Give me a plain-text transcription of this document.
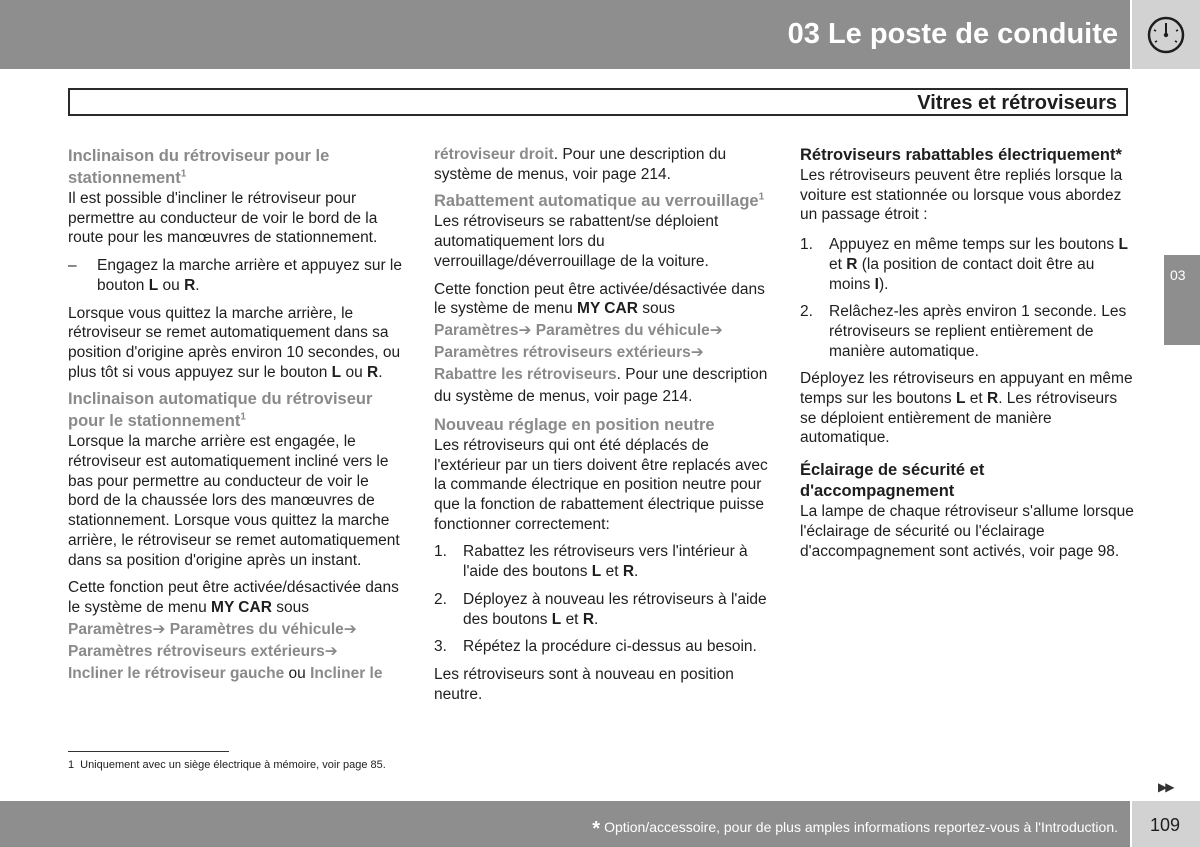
03 Le poste de conduite
Vitres et rétroviseurs
03
Inclinaison du rétroviseur pour le stationnement$^1$

Il est possible d'incliner le rétroviseur pour permettre au conducteur de voir le bord de la route pour les manœuvres de stationnement.

– Engagez la marche arrière et appuyez sur le bouton L ou R.

Lorsque vous quittez la marche arrière, le rétroviseur se remet automatiquement dans sa position d'origine après environ 10 secondes, ou plus tôt si vous appuyez sur le bouton L ou R.

Inclinaison automatique du rétroviseur pour le stationnement$^1$

Lorsque la marche arrière est engagée, le rétroviseur est automatiquement incliné vers le bas pour permettre au conducteur de voir le bord de la chaussée lors des manœuvres de stationnement. Lorsque vous quittez la marche arrière, le rétroviseur se remet automatiquement dans sa position d'origine après un instant.

Cette fonction peut être activée/désactivée dans le système de menu MY CAR sous

Paramètres➔ Paramètres du véhicule➔
Paramètres rétroviseurs extérieurs➔
Incliner le rétroviseur gauche ou Incliner le

rétroviseur droit. Pour une description du système de menus, voir page 214.

Rabattement automatique au verrouillage$^1$

Les rétroviseurs se rabattent/se déploient automatiquement lors du verrouillage/déverrouillage de la voiture.

Cette fonction peut être activée/désactivée dans le système de menu MY CAR sous

Paramètres➔ Paramètres du véhicule➔
Paramètres rétroviseurs extérieurs➔
Rabattre les rétroviseurs. Pour une description du système de menus, voir page 214.
Nouveau réglage en position neutre

Les rétroviseurs qui ont été déplacés de l'extérieur par un tiers doivent être replacés avec la commande électrique en position neutre pour que la fonction de rabattement électrique puisse fonctionner correctement:

1. Rabattez les rétroviseurs vers l'intérieur à l'aide des boutons L et R.
2. Déployez à nouveau les rétroviseurs à l'aide des boutons L et R.
3. Répétez la procédure ci-dessus au besoin.

Les rétroviseurs sont à nouveau en position neutre.

Rétroviseurs rabattables électriquement*

Les rétroviseurs peuvent être repliés lorsque la voiture est stationnée ou lorsque vous abordez un passage étroit :

1. Appuyez en même temps sur les boutons L et R (la position de contact doit être au moins I).
2. Relâchez-les après environ 1 seconde. Les rétroviseurs se replient entièrement de manière automatique.

Déployez les rétroviseurs en appuyant en même temps sur les boutons L et R. Les rétroviseurs se déploient entièrement de manière automatique.

Éclairage de sécurité et d'accompagnement

La lampe de chaque rétroviseur s'allume lorsque l'éclairage de sécurité ou l'éclairage d'accompagnement sont activés, voir page 98.

1 Uniquement avec un siège électrique à mémoire, voir page 85.
▶▶
* Option/accessoire, pour de plus amples informations reportez-vous à l'Introduction. 109
